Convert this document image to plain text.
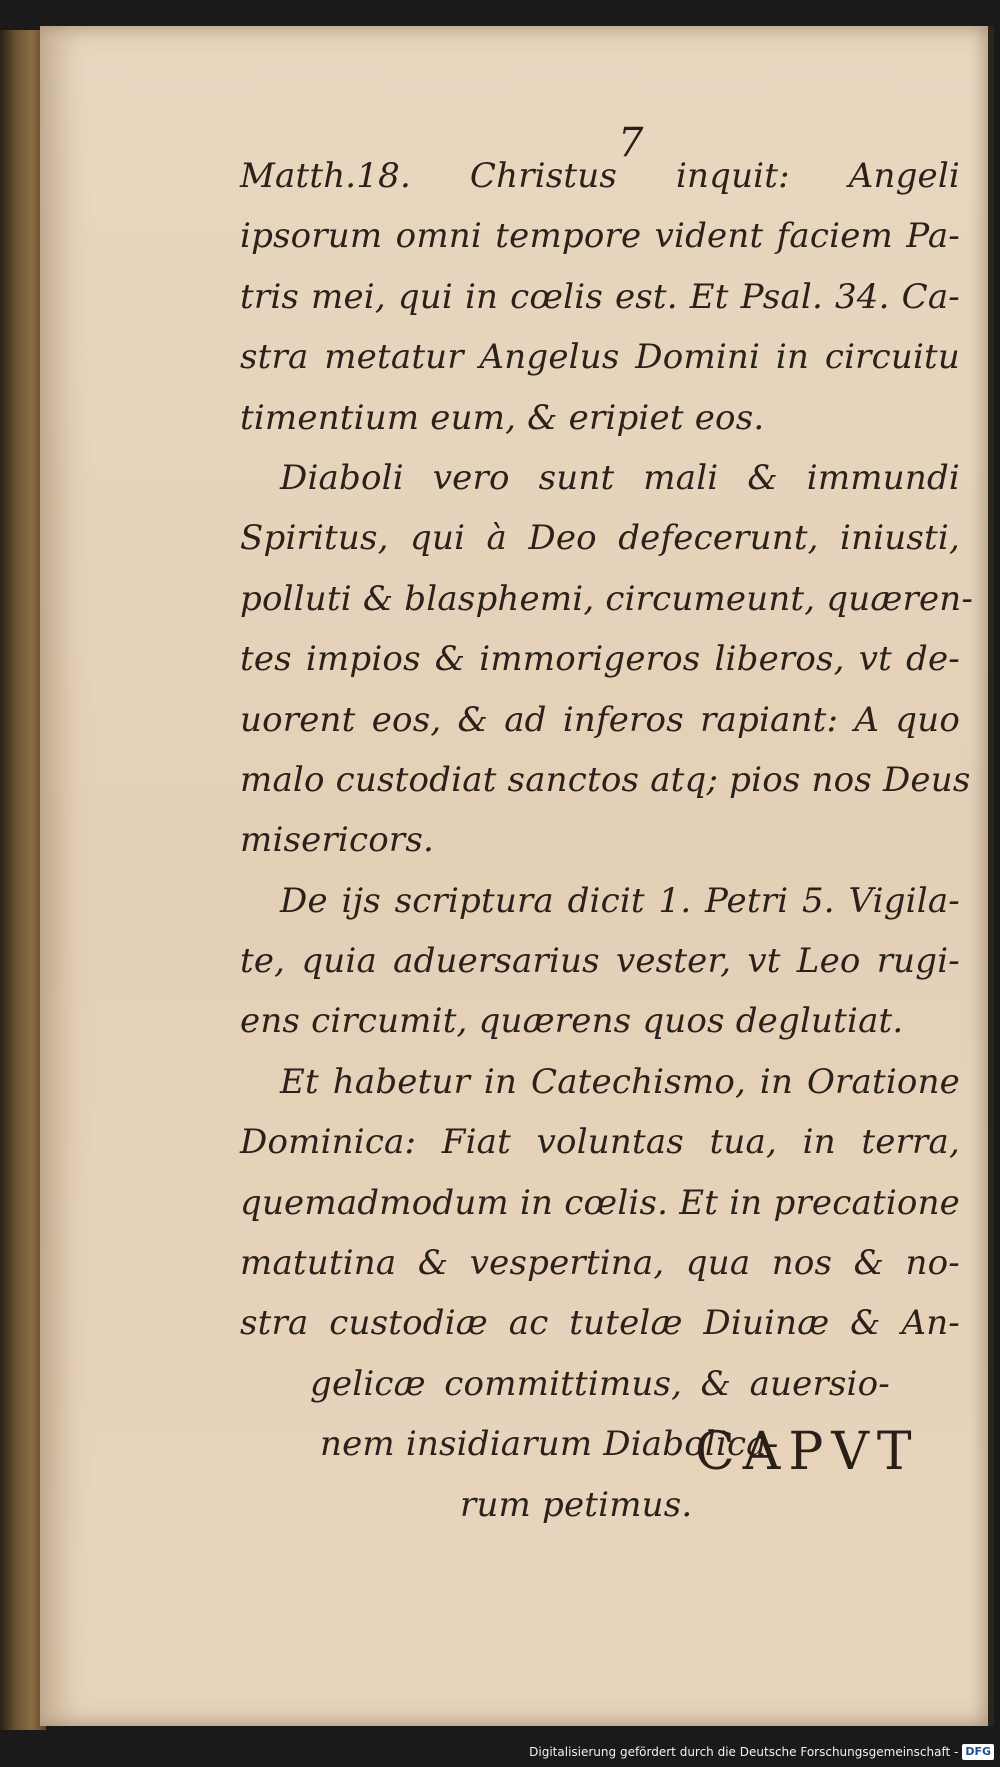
7
Matth.18. Christus inquit: Angeli
ipsorum omni tempore vident faciem Pa-
tris mei, qui in cœlis est. Et Psal. 34. Ca-
stra metatur Angelus Domini in circuitu
timentium eum, & eripiet eos.
Diaboli vero sunt mali & immundi
Spiritus, qui à Deo defecerunt, iniusti,
polluti & blasphemi, circumeunt, quæren-
tes impios & immorigeros liberos, vt de-
uorent eos, & ad inferos rapiant: A quo
malo custodiat sanctos atq; pios nos Deus
misericors.
De ijs scriptura dicit 1. Petri 5. Vigila-
te, quia aduersarius vester, vt Leo rugi-
ens circumit, quærens quos deglutiat.
Et habetur in Catechismo, in Oratione
Dominica: Fiat voluntas tua, in terra,
quemadmodum in cœlis. Et in precatione
matutina & vespertina, qua nos & no-
stra custodiæ ac tutelæ Diuinæ & An-
gelicæ committimus, & auersio-
nem insidiarum Diabolica-
rum petimus.
CAPVT
Digitalisierung gefördert durch die Deutsche Forschungsgemeinschaft - DFG
